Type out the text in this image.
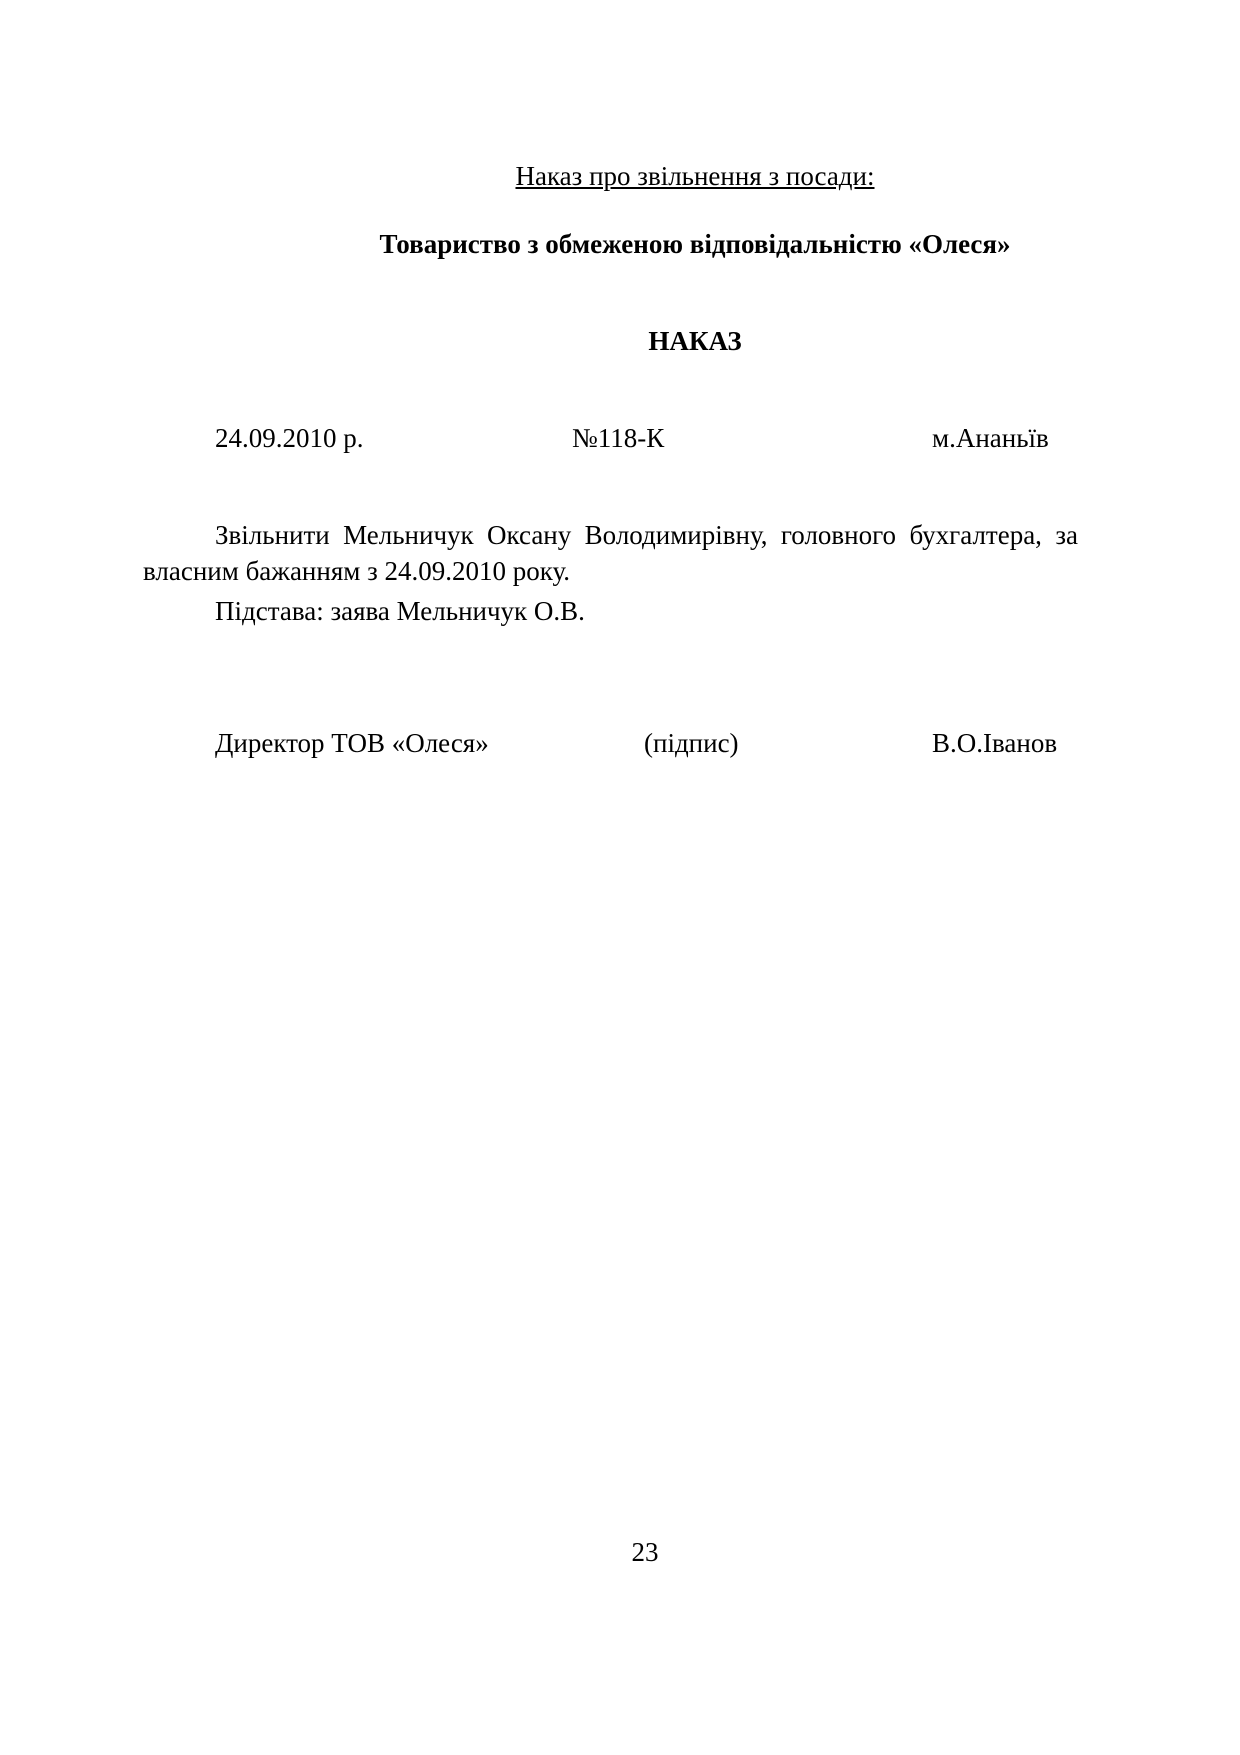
Наказ про звільнення з посади:
Товариство з обмеженою відповідальністю «Олеся»
НАКАЗ
24.09.2010 р.	№118-К	м.Ананьїв
Звільнити Мельничук Оксану Володимирівну, головного бухгалтера, за власним бажанням з 24.09.2010 року.
Підстава: заява Мельничук О.В.
Директор ТОВ «Олеся»	(підпис)	В.О.Іванов
23
